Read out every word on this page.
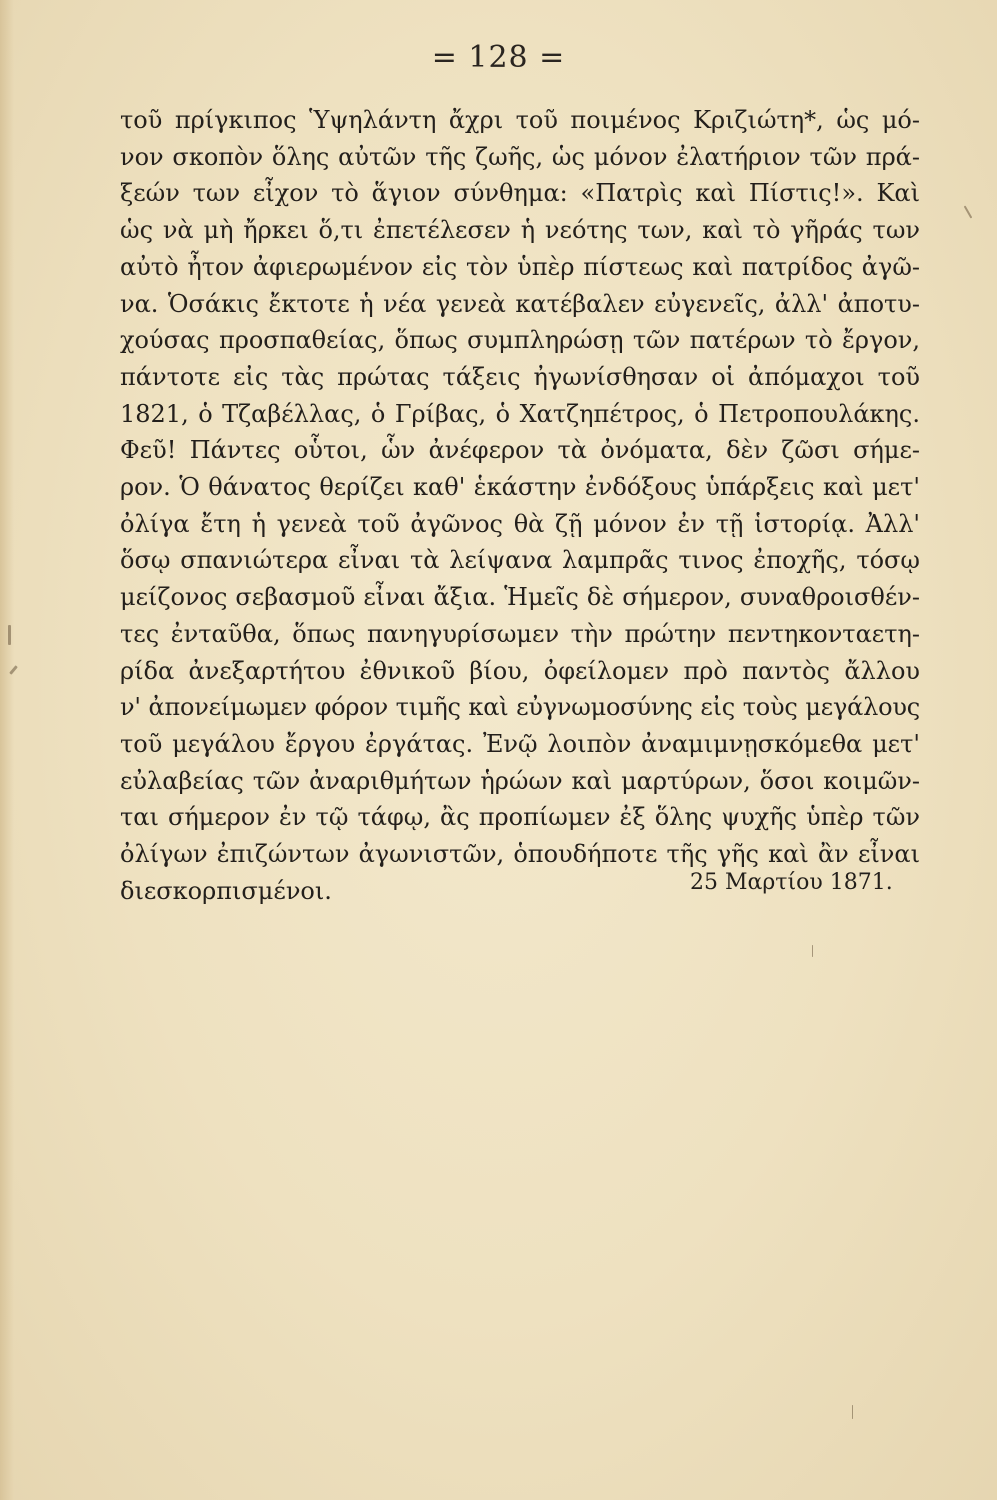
= 128 =
τοῦ πρίγκιπος Ὑψηλάντη ἄχρι τοῦ ποιμένος Κριζιώτη*, ὡς μό-
νον σκοπὸν ὅλης αὐτῶν τῆς ζωῆς, ὡς μόνον ἐλατήριον τῶν πρά-
ξεών των εἶχον τὸ ἅγιον σύνθημα: «Πατρὶς καὶ Πίστις!». Καὶ
ὡς νὰ μὴ ἤρκει ὅ,τι ἐπετέλεσεν ἡ νεότης των, καὶ τὸ γῆράς των
αὐτὸ ἦτον ἀφιερωμένον εἰς τὸν ὑπὲρ πίστεως καὶ πατρίδος ἀγῶ-
να. Ὁσάκις ἔκτοτε ἡ νέα γενεὰ κατέβαλεν εὐγενεῖς, ἀλλ' ἀποτυ-
χούσας προσπαθείας, ὅπως συμπληρώσῃ τῶν πατέρων τὸ ἔργον,
πάντοτε εἰς τὰς πρώτας τάξεις ἠγωνίσθησαν οἱ ἀπόμαχοι τοῦ
1821, ὁ Τζαβέλλας, ὁ Γρίβας, ὁ Χατζηπέτρος, ὁ Πετροπουλάκης.
Φεῦ! Πάντες οὗτοι, ὧν ἀνέφερον τὰ ὀνόματα, δὲν ζῶσι σήμε-
ρον. Ὁ θάνατος θερίζει καθ' ἑκάστην ἐνδόξους ὑπάρξεις καὶ μετ'
ὀλίγα ἔτη ἡ γενεὰ τοῦ ἀγῶνος θὰ ζῇ μόνον ἐν τῇ ἱστορίᾳ. Ἀλλ'
ὅσῳ σπανιώτερα εἶναι τὰ λείψανα λαμπρᾶς τινος ἐποχῆς, τόσῳ
μείζονος σεβασμοῦ εἶναι ἄξια. Ἡμεῖς δὲ σήμερον, συναθροισθέν-
τες ἐνταῦθα, ὅπως πανηγυρίσωμεν τὴν πρώτην πεντηκονταετη-
ρίδα ἀνεξαρτήτου ἐθνικοῦ βίου, ὀφείλομεν πρὸ παντὸς ἄλλου
ν' ἀπονείμωμεν φόρον τιμῆς καὶ εὐγνωμοσύνης εἰς τοὺς μεγάλους
τοῦ μεγάλου ἔργου ἐργάτας. Ἐνῷ λοιπὸν ἀναμιμνῃσκόμεθα μετ'
εὐλαβείας τῶν ἀναριθμήτων ἡρώων καὶ μαρτύρων, ὅσοι κοιμῶν-
ται σήμερον ἐν τῷ τάφῳ, ἂς προπίωμεν ἐξ ὅλης ψυχῆς ὑπὲρ τῶν
ὀλίγων ἐπιζώντων ἀγωνιστῶν, ὁπουδήποτε τῆς γῆς καὶ ἂν εἶναι
διεσκορπισμένοι.	25 Μαρτίου 1871.
